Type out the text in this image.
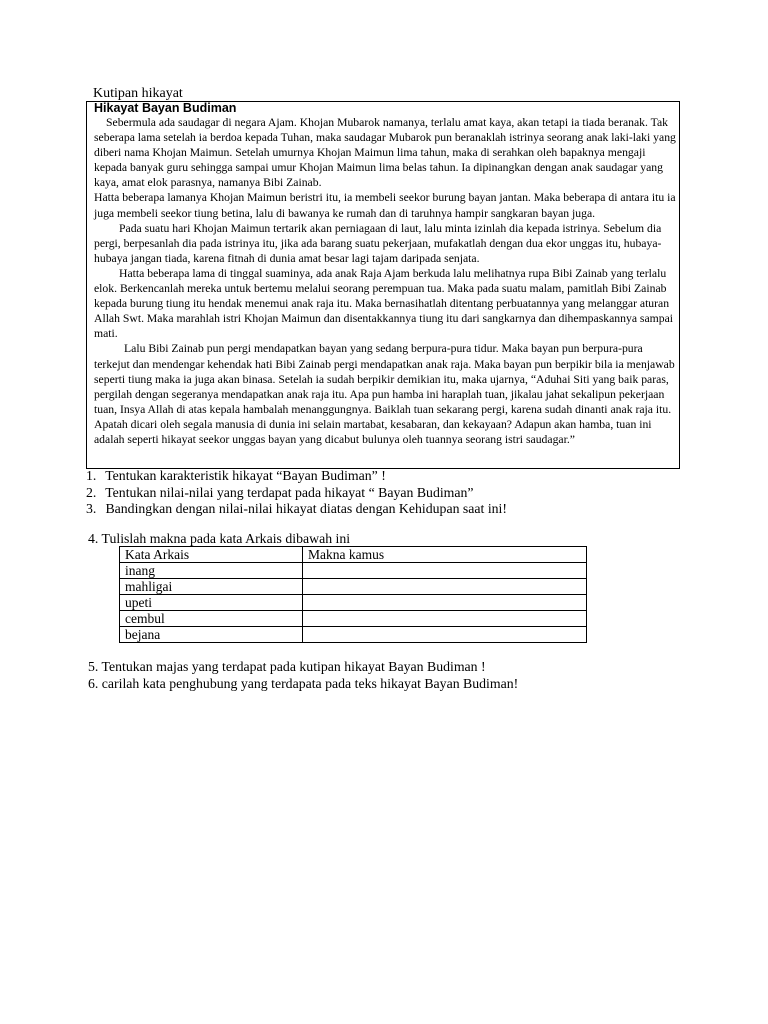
Kutipan hikayat
Hikayat Bayan Budiman

Sebermula ada saudagar di negara Ajam. Khojan Mubarok namanya, terlalu amat kaya, akan tetapi ia tiada beranak. Tak seberapa lama setelah ia berdoa kepada Tuhan, maka saudagar Mubarok pun beranaklah istrinya seorang anak laki-laki yang diberi nama Khojan Maimun. Setelah umurnya Khojan Maimun lima tahun, maka di serahkan oleh bapaknya mengaji kepada banyak guru sehingga sampai umur Khojan Maimun lima belas tahun. Ia dipinangkan dengan anak saudagar yang kaya, amat elok parasnya, namanya Bibi Zainab.

Hatta beberapa lamanya Khojan Maimun beristri itu, ia membeli seekor burung bayan jantan. Maka beberapa di antara itu ia juga membeli seekor tiung betina, lalu di bawanya ke rumah dan di taruhnya hampir sangkaran bayan juga.

Pada suatu hari Khojan Maimun tertarik akan perniagaan di laut, lalu minta izinlah dia kepada istrinya. Sebelum dia pergi, berpesanlah dia pada istrinya itu, jika ada barang suatu pekerjaan, mufakatlah dengan dua ekor unggas itu, hubaya-hubaya jangan tiada, karena fitnah di dunia amat besar lagi tajam daripada senjata.

Hatta beberapa lama di tinggal suaminya, ada anak Raja Ajam berkuda lalu melihatnya rupa Bibi Zainab yang terlalu elok. Berkencanlah mereka untuk bertemu melalui seorang perempuan tua. Maka pada suatu malam, pamitlah Bibi Zainab kepada burung tiung itu hendak menemui anak raja itu. Maka bernasihatlah ditentang perbuatannya yang melanggar aturan Allah Swt. Maka marahlah istri Khojan Maimun dan disentakkannya tiung itu dari sangkarnya dan dihempaskannya sampai mati.

Lalu Bibi Zainab pun pergi mendapatkan bayan yang sedang berpura-pura tidur. Maka bayan pun berpura-pura terkejut dan mendengar kehendak hati Bibi Zainab pergi mendapatkan anak raja. Maka bayan pun berpikir bila ia menjawab seperti tiung maka ia juga akan binasa. Setelah ia sudah berpikir demikian itu, maka ujarnya, “Aduhai Siti yang baik paras, pergilah dengan segeranya mendapatkan anak raja itu. Apa pun hamba ini haraplah tuan, jikalau jahat sekalipun pekerjaan tuan, Insya Allah di atas kepala hambalah menanggungnya. Baiklah tuan sekarang pergi, karena sudah dinanti anak raja itu. Apatah dicari oleh segala manusia di dunia ini selain martabat, kesabaran, dan kekayaan? Adapun akan hamba, tuan ini adalah seperti hikayat seekor unggas bayan yang dicabut bulunya oleh tuannya seorang istri saudagar.”

1. Tentukan karakteristik hikayat “Bayan Budiman” !
2. Tentukan nilai-nilai yang terdapat pada hikayat “ Bayan Budiman”
3. Bandingkan dengan nilai-nilai hikayat diatas dengan Kehidupan saat ini!
4. Tulislah makna pada kata Arkais dibawah ini
Kata Arkais	Makna kamus
inang	
mahligai	
upeti	
cembul	
bejana	
5. Tentukan majas yang terdapat pada kutipan hikayat Bayan Budiman !
6. carilah kata penghubung yang terdapata pada teks hikayat Bayan Budiman!
